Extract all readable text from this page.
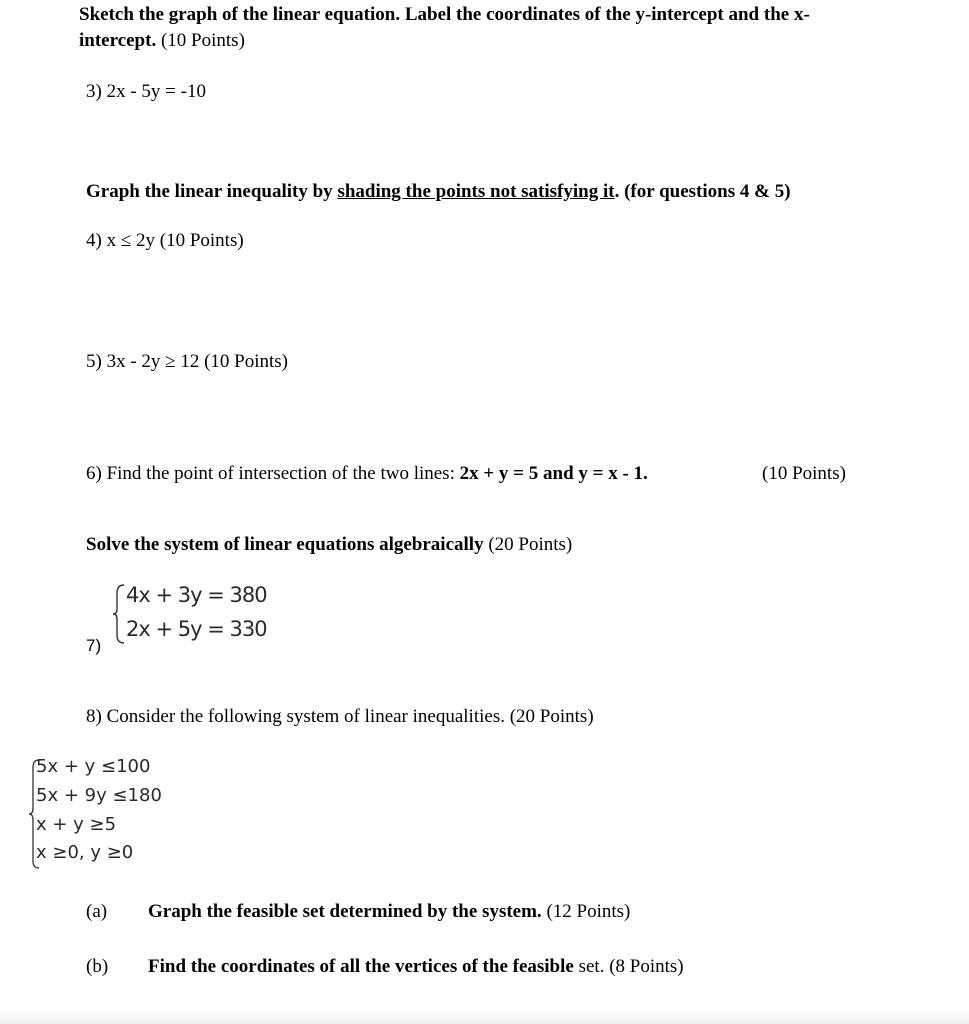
Sketch the graph of the linear equation. Label the coordinates of the y-intercept and the x-
intercept. (10 Points)
3) 2x - 5y = -10
Graph the linear inequality by shading the points not satisfying it. (for questions 4 & 5)
4) x ≤ 2y (10 Points)
5) 3x - 2y ≥ 12 (10 Points)
6) Find the point of intersection of the two lines: 2x + y = 5 and y = x - 1.	(10 Points)
Solve the system of linear equations algebraically (20 Points)
4x + 3y = 380
2x + 5y = 330
7)
8) Consider the following system of linear inequalities. (20 Points)
5x + y ≤100
5x + 9y ≤180
x + y ≥5
x ≥0, y ≥0
(a) Graph the feasible set determined by the system. (12 Points)
(b) Find the coordinates of all the vertices of the feasible set. (8 Points)
